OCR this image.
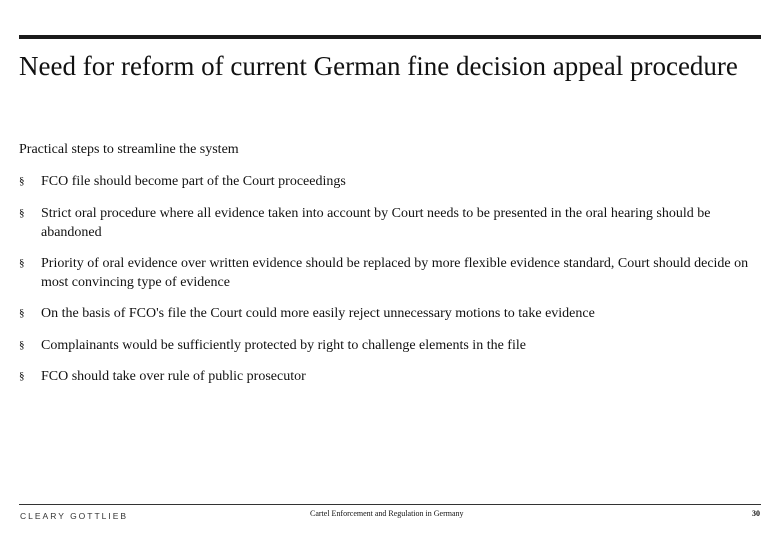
Need for reform of current German fine decision appeal procedure

Practical steps to streamline the system

§	FCO file should become part of the Court proceedings
§	Strict oral procedure where all evidence taken into account by Court needs to be presented in the oral hearing should be abandoned
§	Priority of oral evidence over written evidence should be replaced by more flexible evidence standard, Court should decide on most convincing type of evidence
§	On the basis of FCO's file the Court could more easily reject unnecessary motions to take evidence
§	Complainants would be sufficiently protected by right to challenge elements in the file
§	FCO should take over rule of public prosecutor
CLEARY GOTTLIEB	Cartel Enforcement and Regulation in Germany	30
